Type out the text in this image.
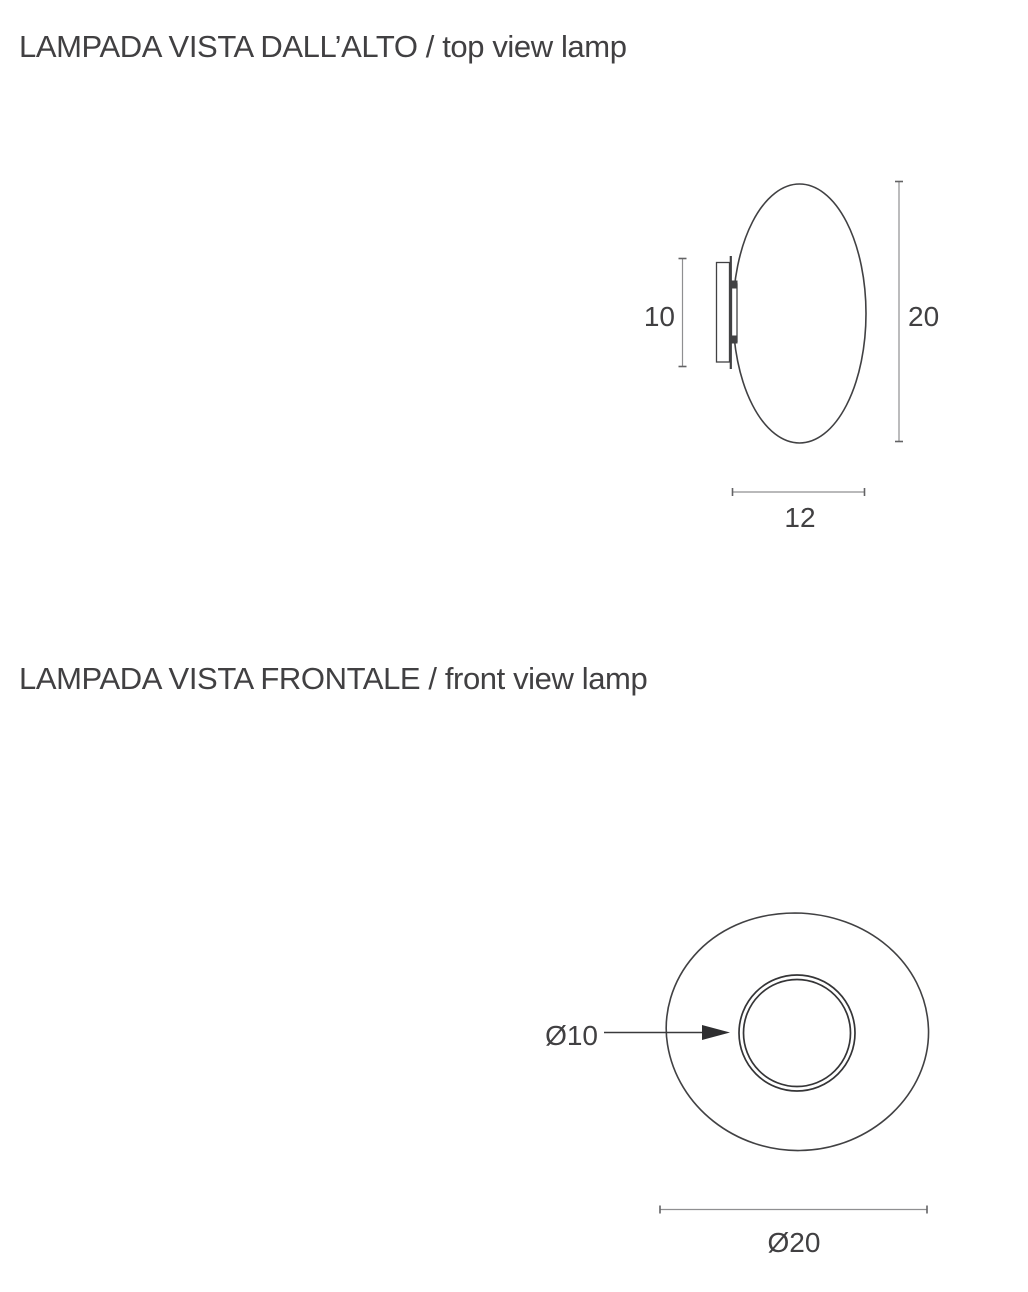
LAMPADA VISTA DALL’ALTO / top view lamp
LAMPADA VISTA FRONTALE / front view lamp
10	20
12
Ø10
Ø20
